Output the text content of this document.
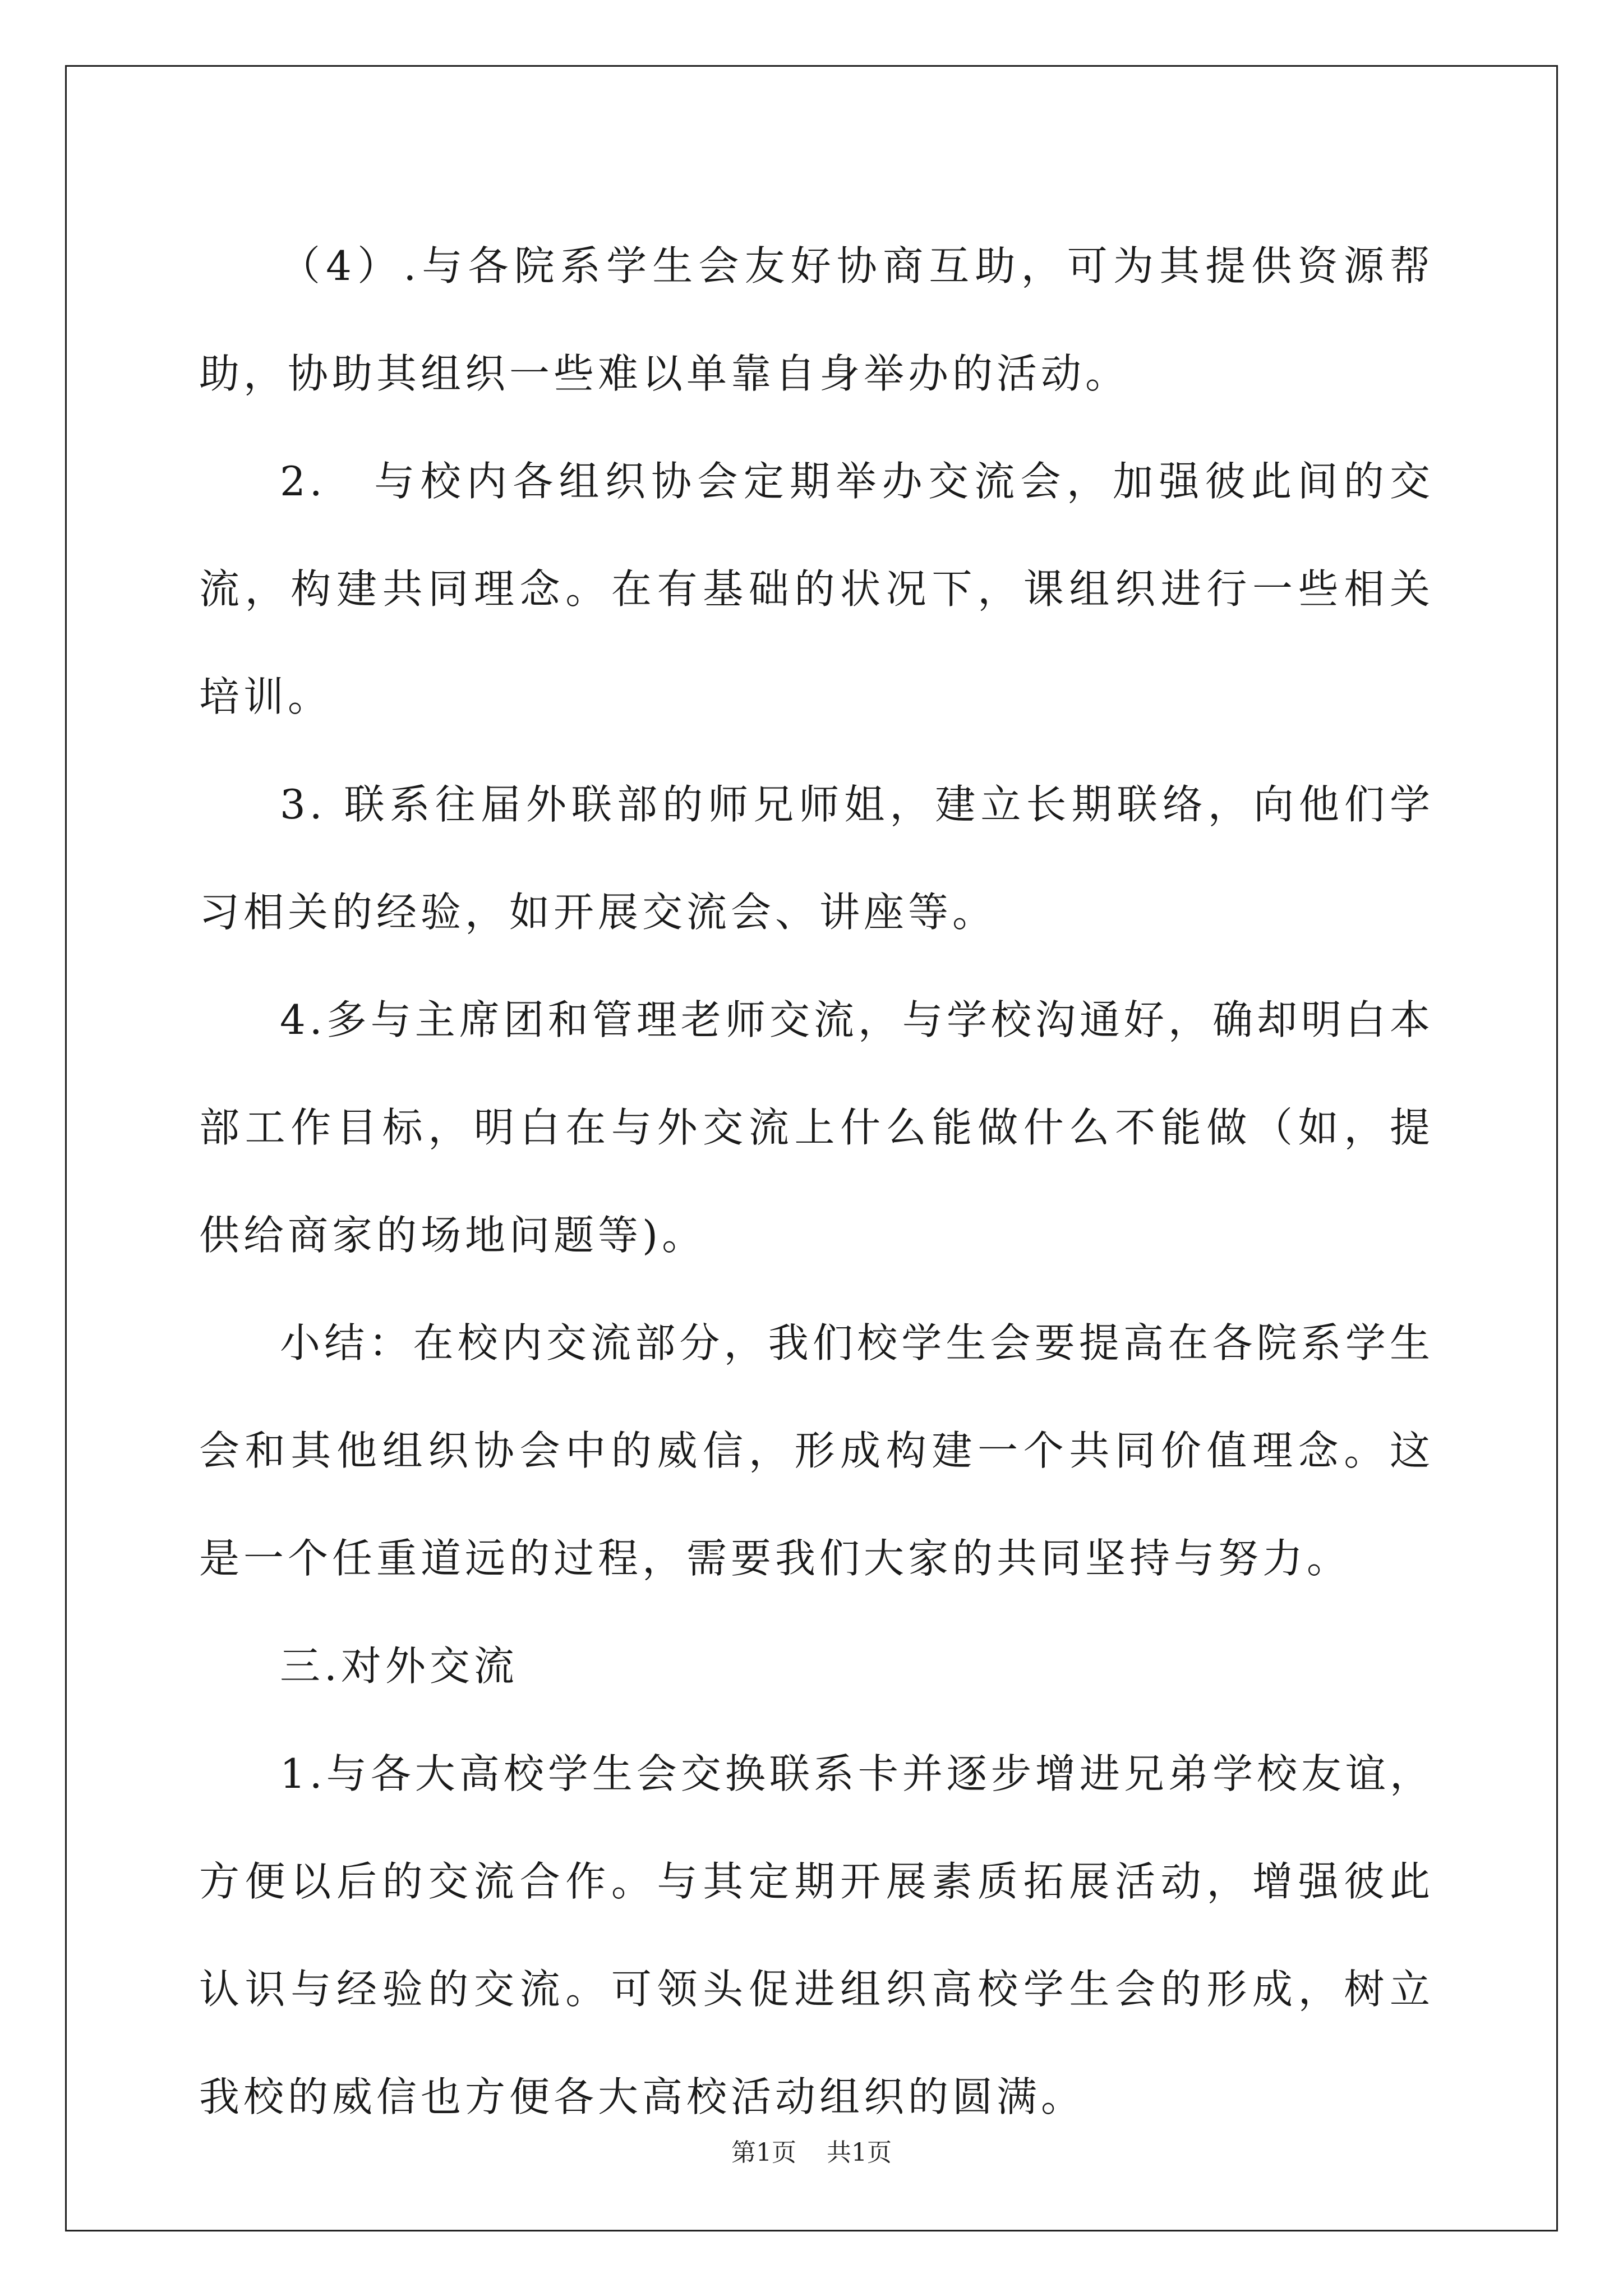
（4）.与各院系学生会友好协商互助，可为其提供资源帮助，协助其组织一些难以单靠自身举办的活动。

2.　与校内各组织协会定期举办交流会，加强彼此间的交流，构建共同理念。在有基础的状况下，课组织进行一些相关培训。

3. 联系往届外联部的师兄师姐，建立长期联络，向他们学习相关的经验，如开展交流会、讲座等。

4.多与主席团和管理老师交流，与学校沟通好，确却明白本部工作目标，明白在与外交流上什么能做什么不能做（如，提供给商家的场地问题等)。

小结：在校内交流部分，我们校学生会要提高在各院系学生会和其他组织协会中的威信，形成构建一个共同价值理念。这是一个任重道远的过程，需要我们大家的共同坚持与努力。

三.对外交流

1.与各大高校学生会交换联系卡并逐步增进兄弟学校友谊，方便以后的交流合作。与其定期开展素质拓展活动，增强彼此认识与经验的交流。可领头促进组织高校学生会的形成，树立我校的威信也方便各大高校活动组织的圆满。

第1页 共1页
